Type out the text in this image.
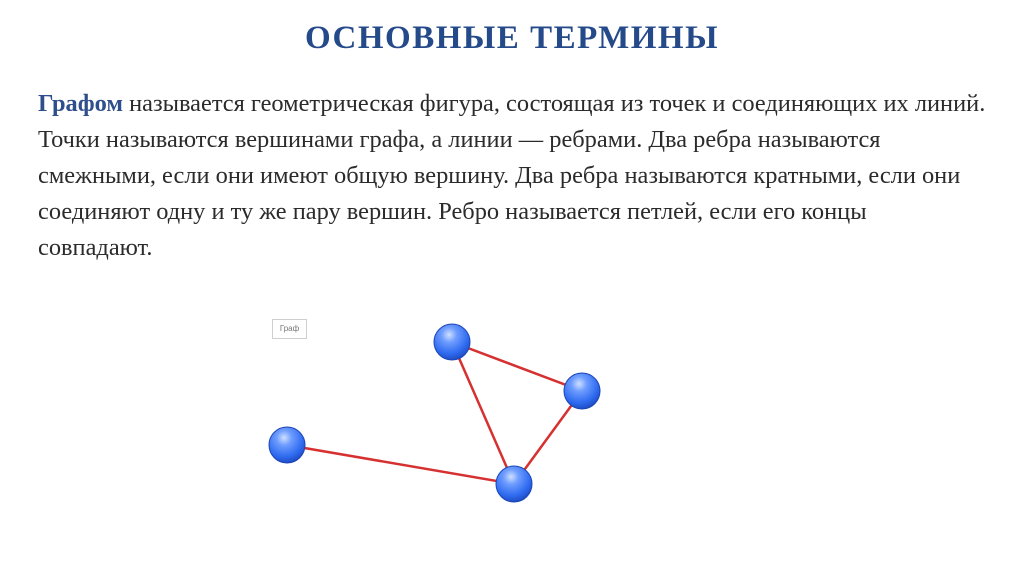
ОСНОВНЫЕ ТЕРМИНЫ

Графом называется геометрическая фигура, состоящая из точек и соединяющих их линий. Точки называются вершинами графа, а линии — ребрами. Два ребра называются смежными, если они имеют общую вершину. Два ребра называются кратными, если они соединяют одну и ту же пару вершин. Ребро называется петлей, если его концы совпадают.

Граф
